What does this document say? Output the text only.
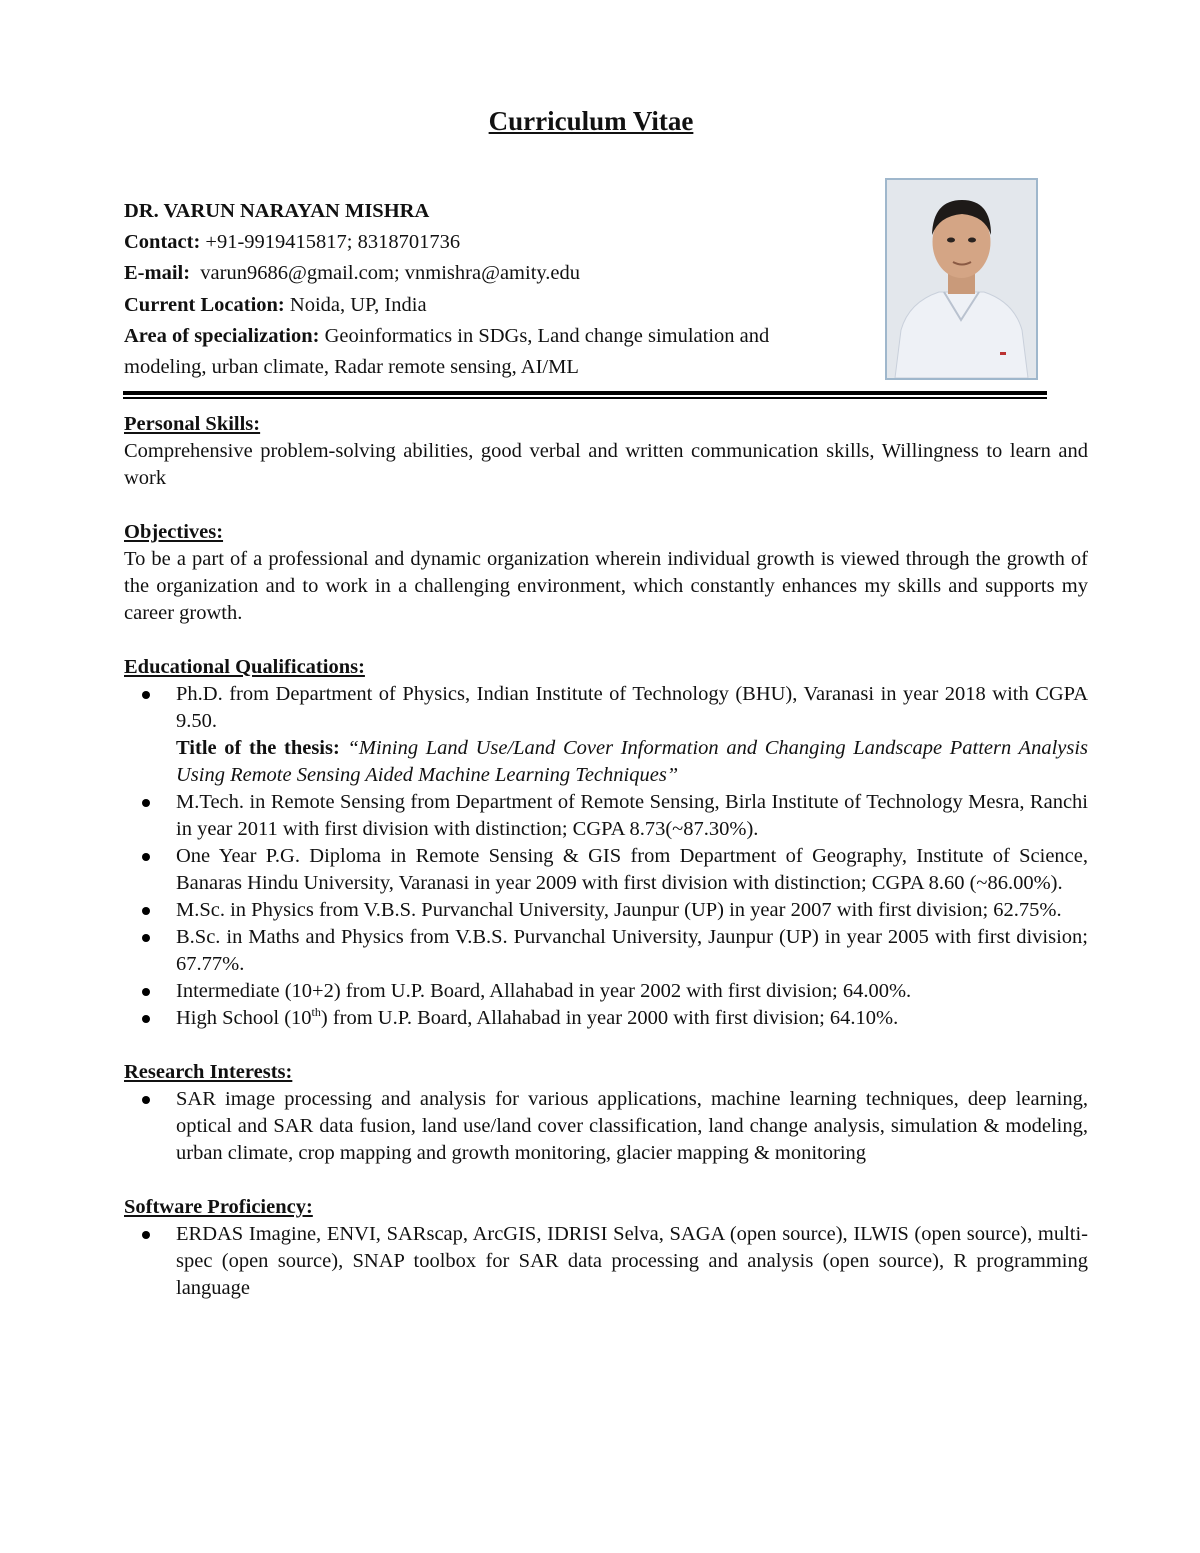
Curriculum Vitae

DR. VARUN NARAYAN MISHRA

Contact: +91-9919415817; 8318701736

E-mail: varun9686@gmail.com; vnmishra@amity.edu

Current Location: Noida, UP, India

Area of specialization: Geoinformatics in SDGs, Land change simulation and

modeling, urban climate, Radar remote sensing, AI/ML

Personal Skills:

Comprehensive problem-solving abilities, good verbal and written communication skills, Willingness to learn and work

Objectives:

To be a part of a professional and dynamic organization wherein individual growth is viewed through the growth of the organization and to work in a challenging environment, which constantly enhances my skills and supports my career growth.

Educational Qualifications:

Ph.D. from Department of Physics, Indian Institute of Technology (BHU), Varanasi in year 2018 with CGPA 9.50.
Title of the thesis: “Mining Land Use/Land Cover Information and Changing Landscape Pattern Analysis Using Remote Sensing Aided Machine Learning Techniques”
M.Tech. in Remote Sensing from Department of Remote Sensing, Birla Institute of Technology Mesra, Ranchi in year 2011 with first division with distinction; CGPA 8.73(~87.30%).
One Year P.G. Diploma in Remote Sensing & GIS from Department of Geography, Institute of Science, Banaras Hindu University, Varanasi in year 2009 with first division with distinction; CGPA 8.60 (~86.00%).
M.Sc. in Physics from V.B.S. Purvanchal University, Jaunpur (UP) in year 2007 with first division; 62.75%.
B.Sc. in Maths and Physics from V.B.S. Purvanchal University, Jaunpur (UP) in year 2005 with first division; 67.77%.
Intermediate (10+2) from U.P. Board, Allahabad in year 2002 with first division; 64.00%.
High School (10th) from U.P. Board, Allahabad in year 2000 with first division; 64.10%.

Research Interests:

SAR image processing and analysis for various applications, machine learning techniques, deep learning, optical and SAR data fusion, land use/land cover classification, land change analysis, simulation & modeling, urban climate, crop mapping and growth monitoring, glacier mapping & monitoring

Software Proficiency:

ERDAS Imagine, ENVI, SARscap, ArcGIS, IDRISI Selva, SAGA (open source), ILWIS (open source), multi-spec (open source), SNAP toolbox for SAR data processing and analysis (open source), R programming language
